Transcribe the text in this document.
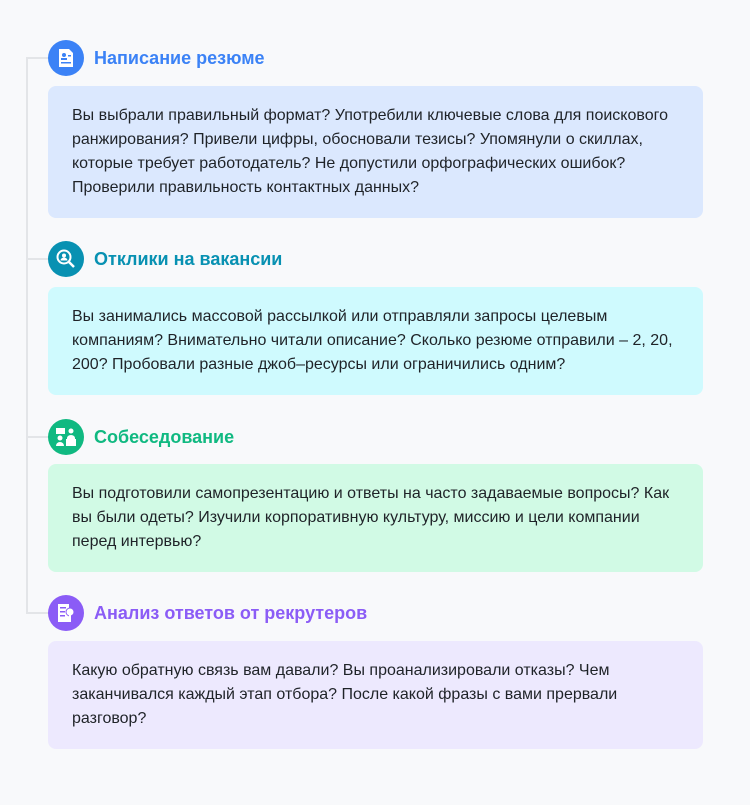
Написание резюме
Вы выбрали правильный формат? Употребили ключевые слова для поискового ранжирования? Привели цифры, обосновали тезисы? Упомянули о скиллах, которые требует работодатель? Не допустили орфографических ошибок? Проверили правильность контактных данных?
Отклики на вакансии
Вы занимались массовой рассылкой или отправляли запросы целевым компаниям? Внимательно читали описание? Сколько резюме отправили – 2, 20, 200? Пробовали разные джоб–ресурсы или ограничились одним?
Собеседование
Вы подготовили самопрезентацию и ответы на часто задаваемые вопросы? Как вы были одеты? Изучили корпоративную культуру, миссию и цели компании перед интервью?
Анализ ответов от рекрутеров
Какую обратную связь вам давали? Вы проанализировали отказы? Чем заканчивался каждый этап отбора? После какой фразы с вами прервали разговор?
